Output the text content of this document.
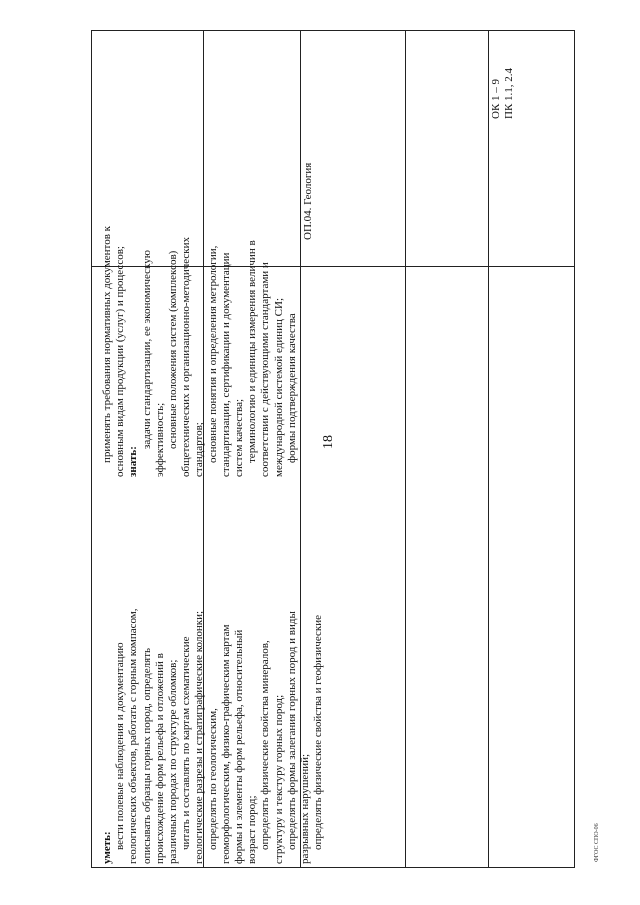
применять требования нормативных документов к основным видам продукции (услуг) и процессов; знать:
задачи стандартизации, ее экономическую эффективность; основные положения систем (комплексов) общетехнических и организационно-методических стандартов; основные понятия и определения метрологии, стандартизации, сертификации и документации систем качества; терминологию и единицы измерения величин в соответствии с действующими стандартами и международной системой единиц СИ; формы подтверждения качества
уметь: вести полевые наблюдения и документацию геологических объектов, работать с горным компасом, описывать образцы горных пород, определять происхождение форм рельефа и отложений в различных породах по структуре обломков; читать и составлять по картам схематические геологические разрезы и стратиграфические колонки; определять по геологическим, геоморфологическим, физико-графическим картам формы и элементы форм рельефа, относительный возраст пород; определять физические свойства минералов, структуру и текстуру горных пород; определять формы залегания горных пород и виды разрывных нарушений; определять физические свойства и геофизические
ОП.04. Геология
ОК 1 – 9 ПК 1.1, 2.4
18
ФГОС СПО-06
